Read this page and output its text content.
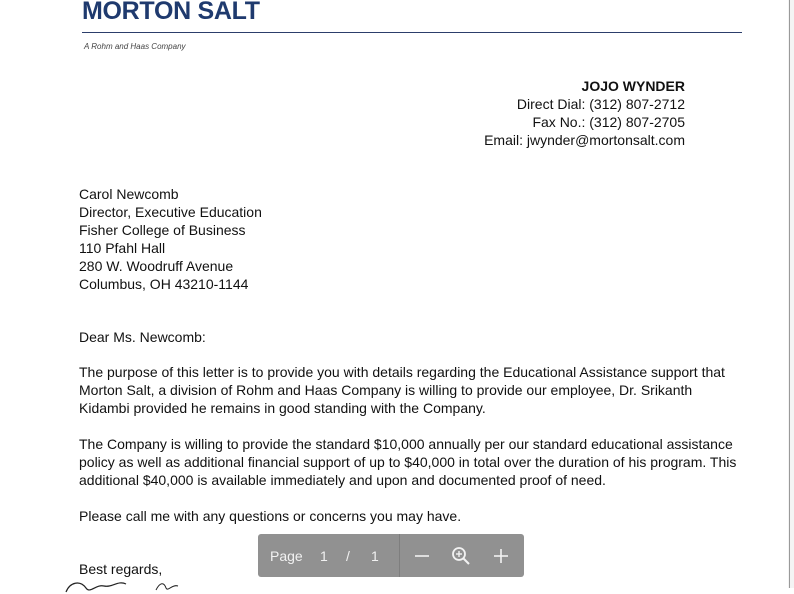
MORTON SALT
A Rohm and Haas Company
JOJO WYNDER
Direct Dial: (312) 807-2712
Fax No.: (312) 807-2705
Email: jwynder@mortonsalt.com
Carol Newcomb
Director, Executive Education
Fisher College of Business
110 Pfahl Hall
280 W. Woodruff Avenue
Columbus, OH 43210-1144
Dear Ms. Newcomb:
The purpose of this letter is to provide you with details regarding the Educational Assistance support that
Morton Salt, a division of Rohm and Haas Company is willing to provide our employee, Dr. Srikanth
Kidambi provided he remains in good standing with the Company.
The Company is willing to provide the standard $10,000 annually per our standard educational assistance
policy as well as additional financial support of up to $40,000 in total over the duration of his program. This
additional $40,000 is available immediately and upon and documented proof of need.
Please call me with any questions or concerns you may have.
Best regards,
Page 1 / 1
